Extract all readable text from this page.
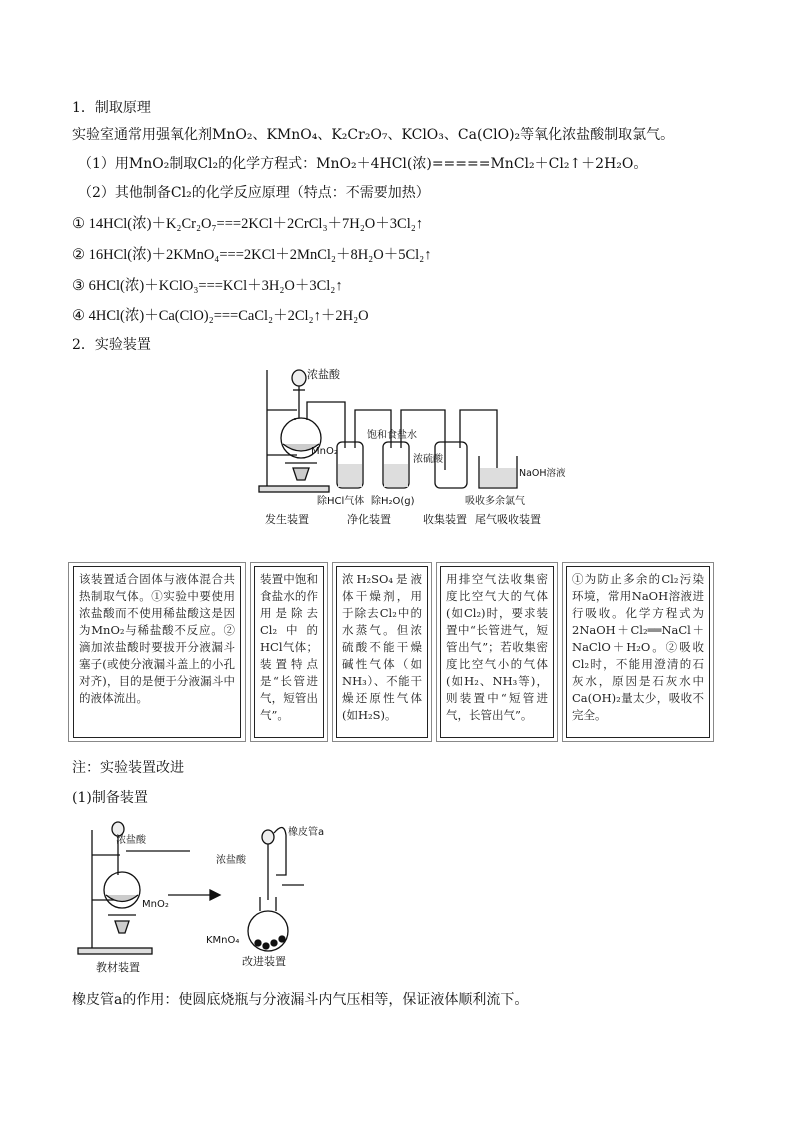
1．制取原理
实验室通常用强氧化剂MnO₂、KMnO₄、K₂Cr₂O₇、KClO₃、Ca(ClO)₂等氧化浓盐酸制取氯气。
（1）用MnO₂制取Cl₂的化学方程式：MnO₂＋4HCl(浓)=====MnCl₂＋Cl₂↑＋2H₂O。
（2）其他制备Cl₂的化学反应原理（特点：不需要加热）
① 14HCl(浓)＋K₂Cr₂O₇===2KCl＋2CrCl₃＋7H₂O＋3Cl₂↑
② 16HCl(浓)＋2KMnO₄===2KCl＋2MnCl₂＋8H₂O＋5Cl₂↑
③ 6HCl(浓)＋KClO₃===KCl＋3H₂O＋3Cl₂↑
④ 4HCl(浓)＋Ca(ClO)₂===CaCl₂＋2Cl₂↑＋2H₂O
2．实验装置
浓盐酸
MnO₂
饱和食盐水
浓硫酸
NaOH溶液
除HCl气体 除H₂O(g)	吸收多余氯气
发生装置	净化装置	收集装置 尾气吸收装置
该装置适合固体与液体混合共热制取气体。①实验中要使用浓盐酸而不使用稀盐酸这是因为MnO₂与稀盐酸不反应。②滴加浓盐酸时要拔开分液漏斗塞子(或使分液漏斗盖上的小孔对齐)，目的是便于分液漏斗中的液体流出。
装置中饱和食盐水的作用是除去Cl₂中的HCl气体；装置特点是“长管进气，短管出气”。
浓H₂SO₄是液体干燥剂，用于除去Cl₂中的水蒸气。但浓硫酸不能干燥碱性气体（如NH₃）、不能干燥还原性气体(如H₂S)。
用排空气法收集密度比空气大的气体(如Cl₂)时，要求装置中“长管进气，短管出气”；若收集密度比空气小的气体(如H₂、NH₃等)，则装置中“短管进气，长管出气”。
①为防止多余的Cl₂污染环境，常用NaOH溶液进行吸收。化学方程式为2NaOH＋Cl₂══NaCl＋NaClO＋H₂O。②吸收Cl₂时，不能用澄清的石灰水，原因是石灰水中Ca(OH)₂量太少，吸收不完全。
注：实验装置改进
(1)制备装置
浓盐酸
MnO₂
教材装置
浓盐酸
橡皮管a
KMnO₄
改进装置
橡皮管a的作用：使圆底烧瓶与分液漏斗内气压相等，保证液体顺利流下。
